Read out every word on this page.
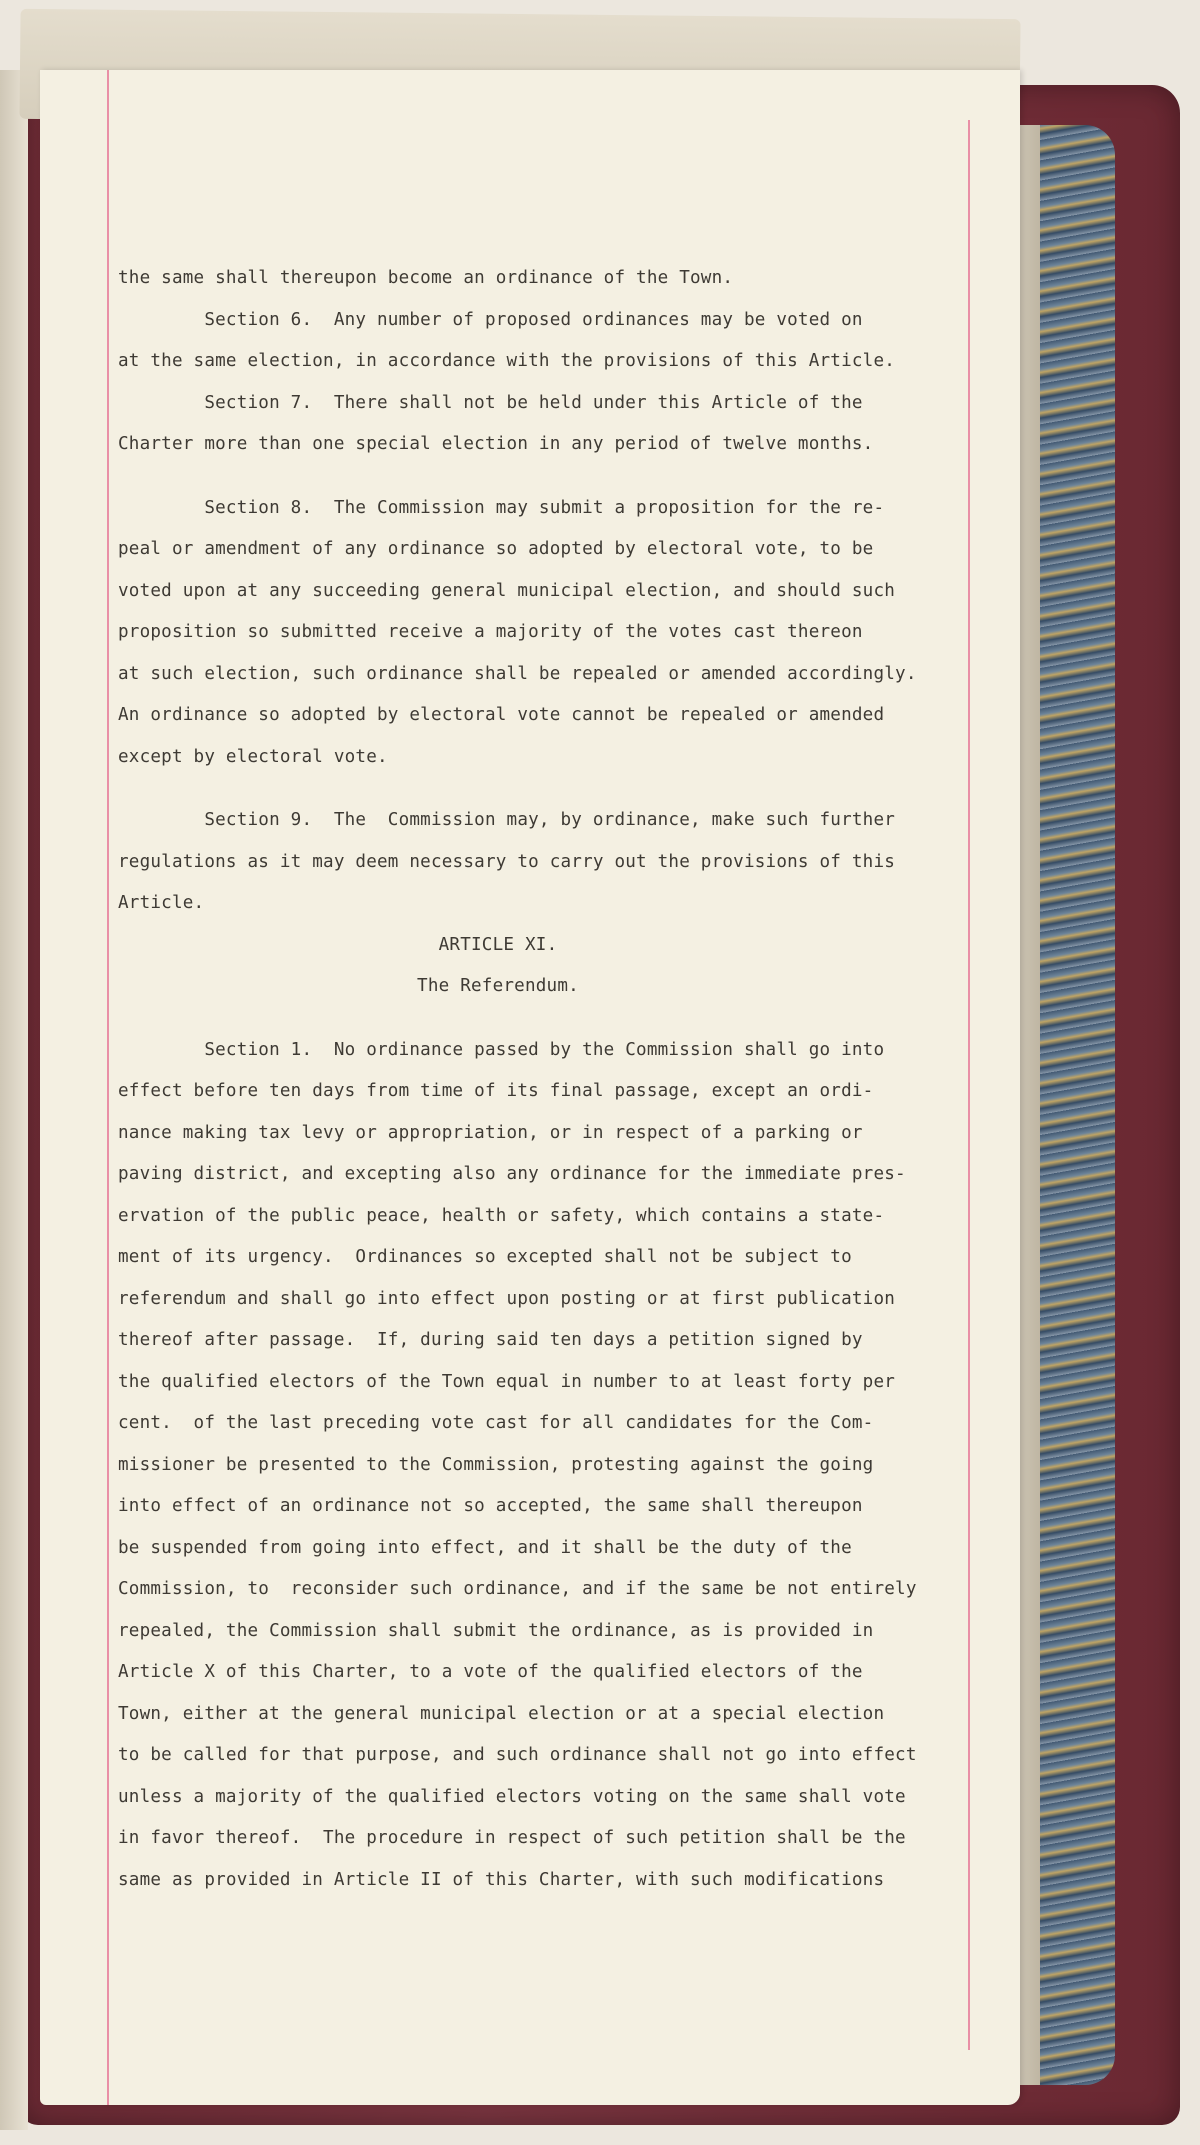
the same shall thereupon become an ordinance of the Town.
Section 6.  Any number of proposed ordinances may be voted on
at the same election, in accordance with the provisions of this Article.
Section 7.  There shall not be held under this Article of the
Charter more than one special election in any period of twelve months.
Section 8.  The Commission may submit a proposition for the re-
peal or amendment of any ordinance so adopted by electoral vote, to be
voted upon at any succeeding general municipal election, and should such
proposition so submitted receive a majority of the votes cast thereon
at such election, such ordinance shall be repealed or amended accordingly.
An ordinance so adopted by electoral vote cannot be repealed or amended
except by electoral vote.
Section 9.  The  Commission may, by ordinance, make such further
regulations as it may deem necessary to carry out the provisions of this
Article.
ARTICLE XI.
The Referendum.
Section 1.  No ordinance passed by the Commission shall go into
effect before ten days from time of its final passage, except an ordi-
nance making tax levy or appropriation, or in respect of a parking or
paving district, and excepting also any ordinance for the immediate pres-
ervation of the public peace, health or safety, which contains a state-
ment of its urgency.  Ordinances so excepted shall not be subject to
referendum and shall go into effect upon posting or at first publication
thereof after passage.  If, during said ten days a petition signed by
the qualified electors of the Town equal in number to at least forty per
cent.  of the last preceding vote cast for all candidates for the Com-
missioner be presented to the Commission, protesting against the going
into effect of an ordinance not so accepted, the same shall thereupon
be suspended from going into effect, and it shall be the duty of the
Commission, to  reconsider such ordinance, and if the same be not entirely
repealed, the Commission shall submit the ordinance, as is provided in
Article X of this Charter, to a vote of the qualified electors of the
Town, either at the general municipal election or at a special election
to be called for that purpose, and such ordinance shall not go into effect
unless a majority of the qualified electors voting on the same shall vote
in favor thereof.  The procedure in respect of such petition shall be the
same as provided in Article II of this Charter, with such modifications
